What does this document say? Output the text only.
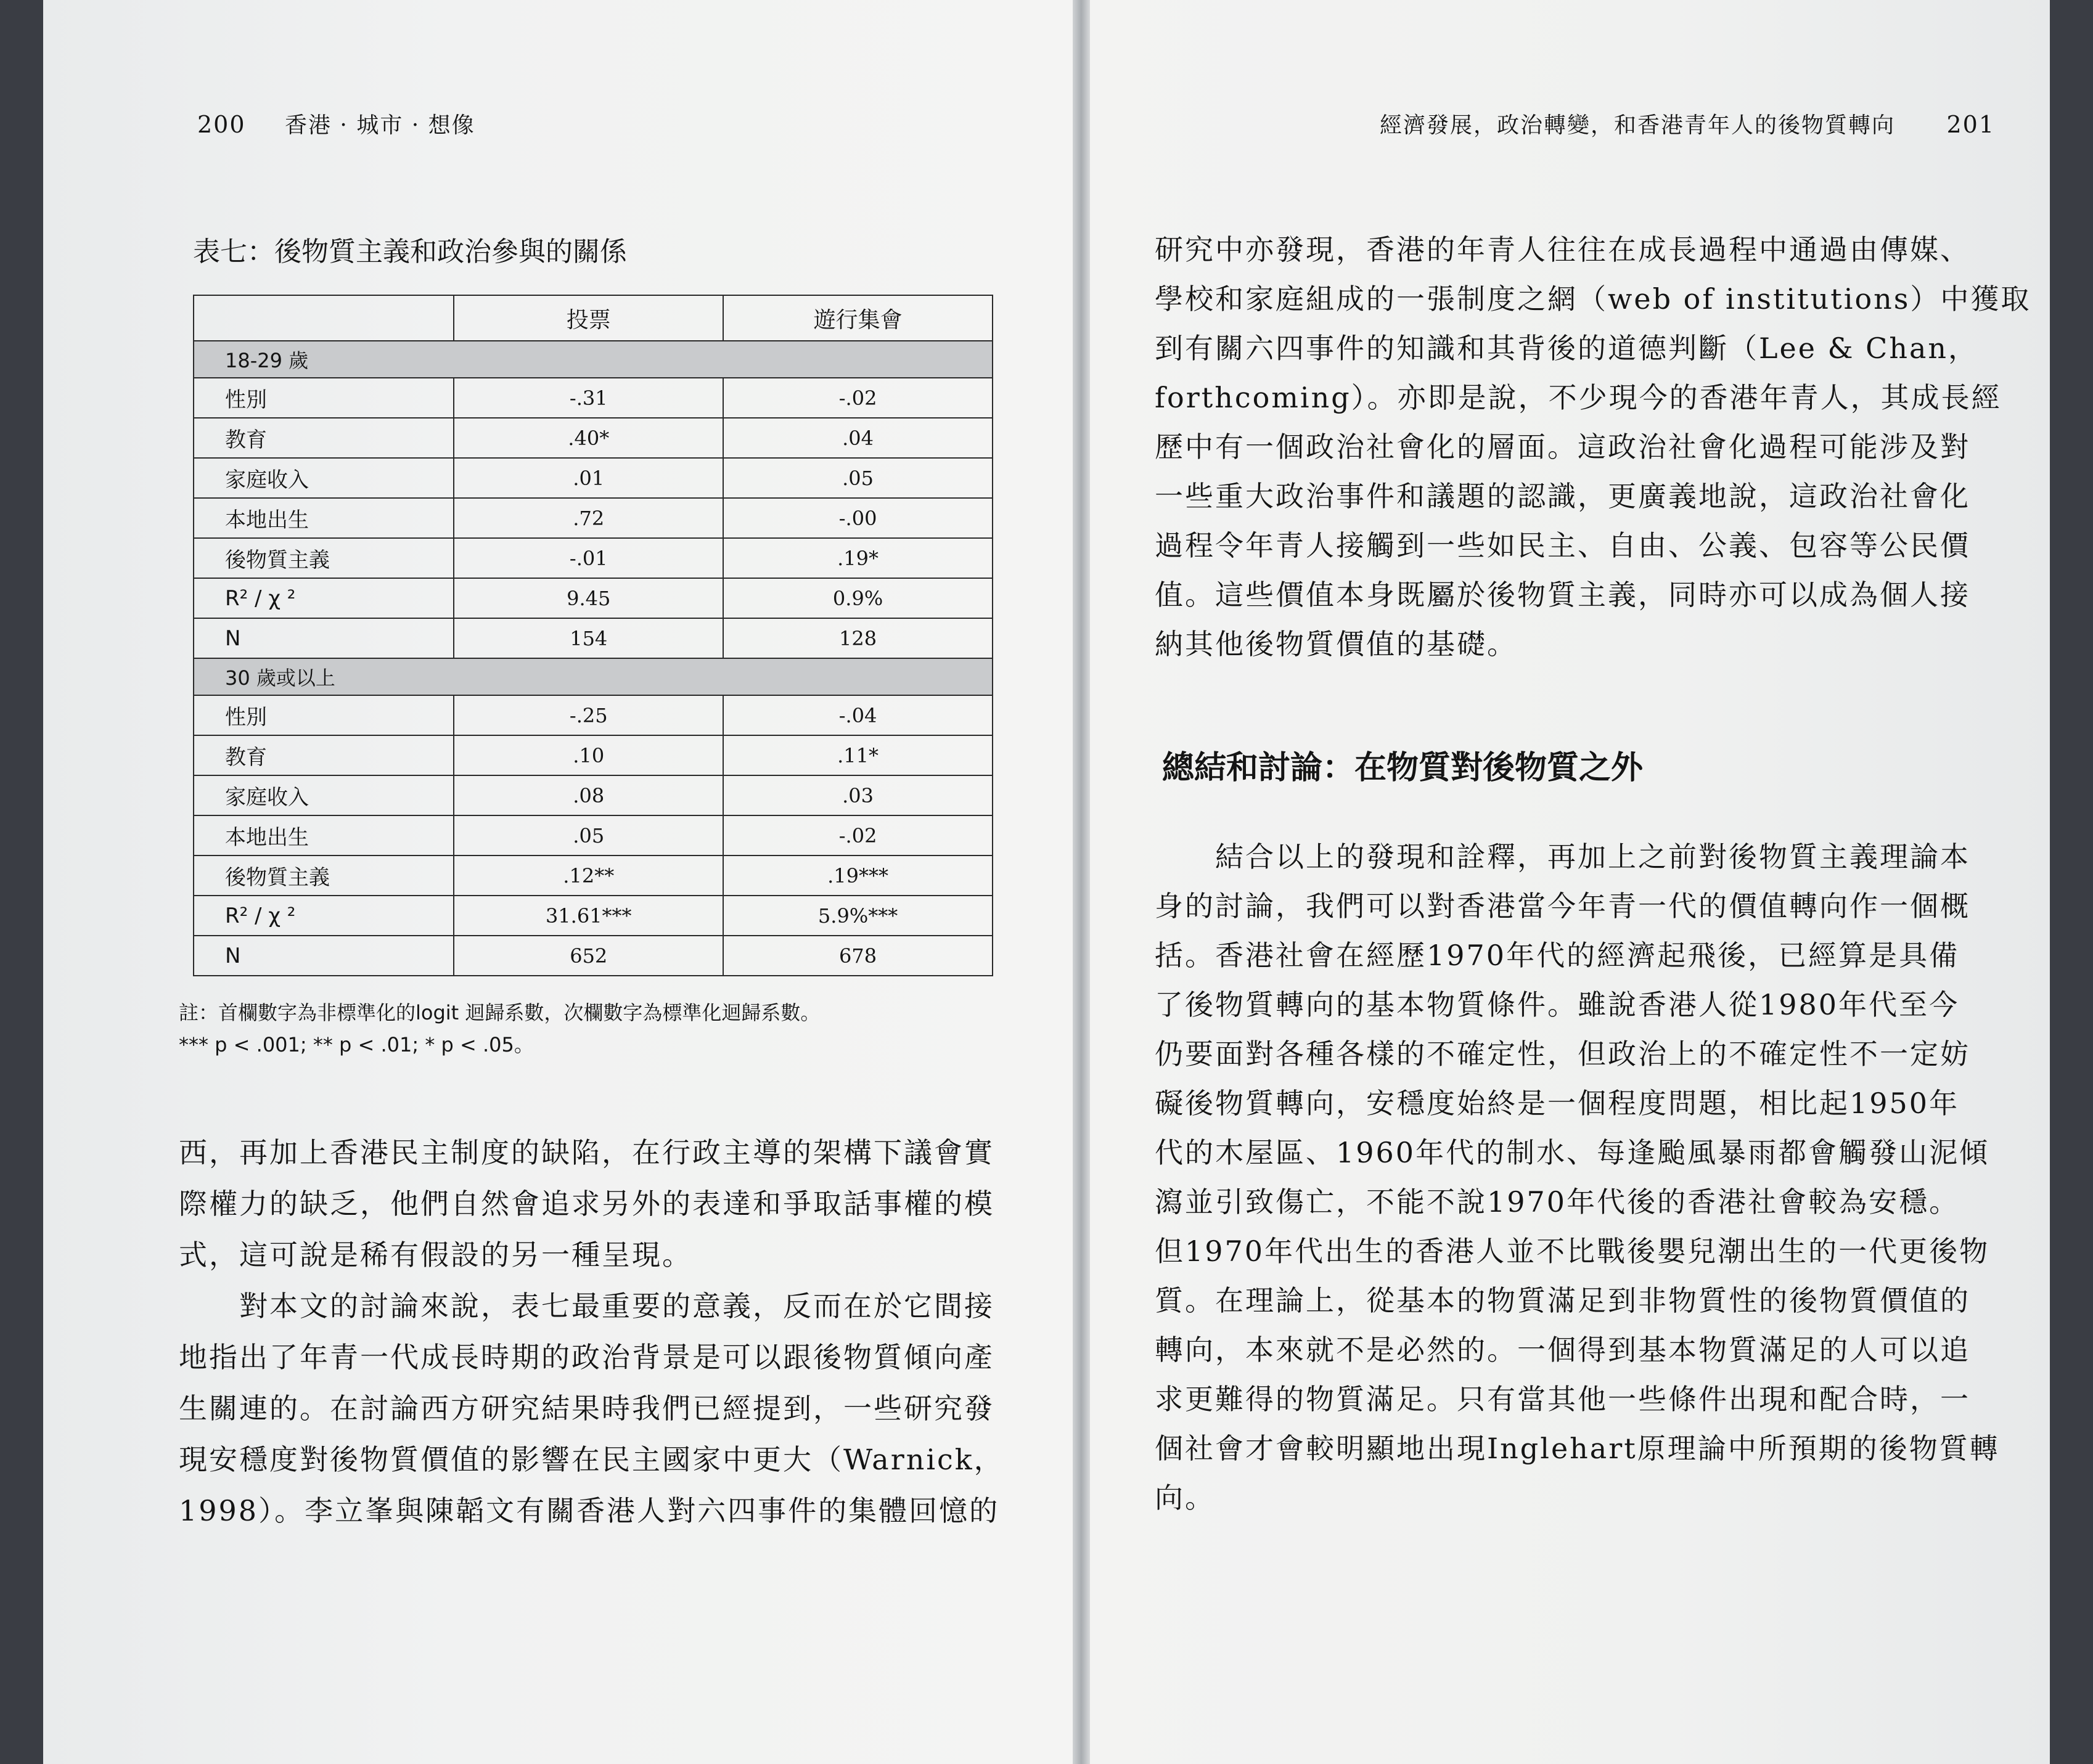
200 香港 · 城市 · 想像
表七：後物質主義和政治參與的關係
	投票	遊行集會
18-29 歲		
性別	-.31	-.02
教育	.40*	.04
家庭收入	.01	.05
本地出生	.72	-.00
後物質主義	-.01	.19*
R² / χ ²	9.45	0.9%
N	154	128
30 歲或以上		
性別	-.25	-.04
教育	.10	.11*
家庭收入	.08	.03
本地出生	.05	-.02
後物質主義	.12**	.19***
R² / χ ²	31.61***	5.9%***
N	652	678
註：首欄數字為非標準化的logit 迴歸系數，次欄數字為標準化迴歸系數。
*** p < .001; ** p < .01; * p < .05。

西，再加上香港民主制度的缺陷，在行政主導的架構下議會實

際權力的缺乏，他們自然會追求另外的表達和爭取話事權的模

式，這可說是稀有假設的另一種呈現。

　　對本文的討論來說，表七最重要的意義，反而在於它間接

地指出了年青一代成長時期的政治背景是可以跟後物質傾向產

生關連的。在討論西方研究結果時我們已經提到，一些研究發

現安穩度對後物質價值的影響在民主國家中更大（Warnick，

1998）。李立峯與陳韜文有關香港人對六四事件的集體回憶的

經濟發展，政治轉變，和香港青年人的後物質轉向 201

研究中亦發現，香港的年青人往往在成長過程中通過由傳媒、

學校和家庭組成的一張制度之網（web of institutions）中獲取

到有關六四事件的知識和其背後的道德判斷（Lee & Chan，

forthcoming）。亦即是說，不少現今的香港年青人，其成長經

歷中有一個政治社會化的層面。這政治社會化過程可能涉及對

一些重大政治事件和議題的認識，更廣義地說，這政治社會化

過程令年青人接觸到一些如民主、自由、公義、包容等公民價

值。這些價值本身既屬於後物質主義，同時亦可以成為個人接

納其他後物質價值的基礎。

　　結合以上的發現和詮釋，再加上之前對後物質主義理論本

身的討論，我們可以對香港當今年青一代的價值轉向作一個概

括。香港社會在經歷1970年代的經濟起飛後，已經算是具備

了後物質轉向的基本物質條件。雖說香港人從1980年代至今

仍要面對各種各樣的不確定性，但政治上的不確定性不一定妨

礙後物質轉向，安穩度始終是一個程度問題，相比起1950年

代的木屋區、1960年代的制水、每逢颱風暴雨都會觸發山泥傾

瀉並引致傷亡，不能不說1970年代後的香港社會較為安穩。

但1970年代出生的香港人並不比戰後嬰兒潮出生的一代更後物

質。在理論上，從基本的物質滿足到非物質性的後物質價值的

轉向，本來就不是必然的。一個得到基本物質滿足的人可以追

求更難得的物質滿足。只有當其他一些條件出現和配合時，一

個社會才會較明顯地出現Inglehart原理論中所預期的後物質轉

向。

總結和討論：在物質對後物質之外
